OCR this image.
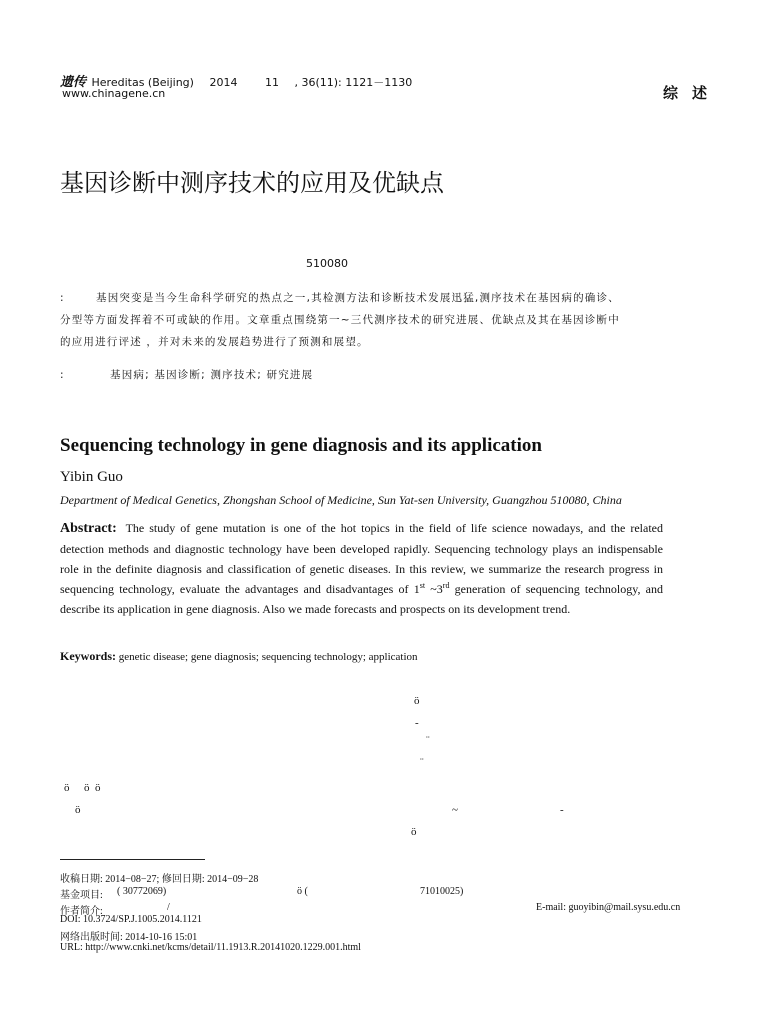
遗传 Hereditas (Beijing) 2014	11 , 36(11): 1121－1130
www.chinagene.cn	综述
基因诊断中测序技术的应用及优缺点
510080
:	基因突变是当今生命科学研究的热点之一,其检测方法和诊断技术发展迅猛,测序技术在基因病的确诊、
分型等方面发挥着不可或缺的作用。文章重点围绕第一~三代测序技术的研究进展、优缺点及其在基因诊断中
的应用进行评述 ，并对未来的发展趋势进行了预测和展望。
:	基因病; 基因诊断; 测序技术; 研究进展
Sequencing technology in gene diagnosis and its application
Yibin Guo
Department of Medical Genetics, Zhongshan School of Medicine, Sun Yat-sen University, Guangzhou 510080, China
Abstract: The study of gene mutation is one of the hot topics in the field of life science nowadays, and the related detection methods and diagnostic technology have been developed rapidly. Sequencing technology plays an indispensable role in the definite diagnosis and classification of genetic diseases. In this review, we summarize the research progress in sequencing technology, evaluate the advantages and disadvantages of 1st ~3rd generation of sequencing technology, and describe its application in gene diagnosis. Also we made forecasts and prospects on its development trend.
Keywords: genetic disease; gene diagnosis; sequencing technology; application
ö
-
¨
¨
ö ö ö
ö	~	-
ö
收稿日期: 2014−08−27; 修回日期: 2014−09−28
基金项目: ( 30772069)	ö (	71010025)
作者简介:	/	E-mail: guoyibin@mail.sysu.edu.cn
DOI: 10.3724/SP.J.1005.2014.1121
网络出版时间: 2014-10-16 15:01
URL: http://www.cnki.net/kcms/detail/11.1913.R.20141020.1229.001.html
